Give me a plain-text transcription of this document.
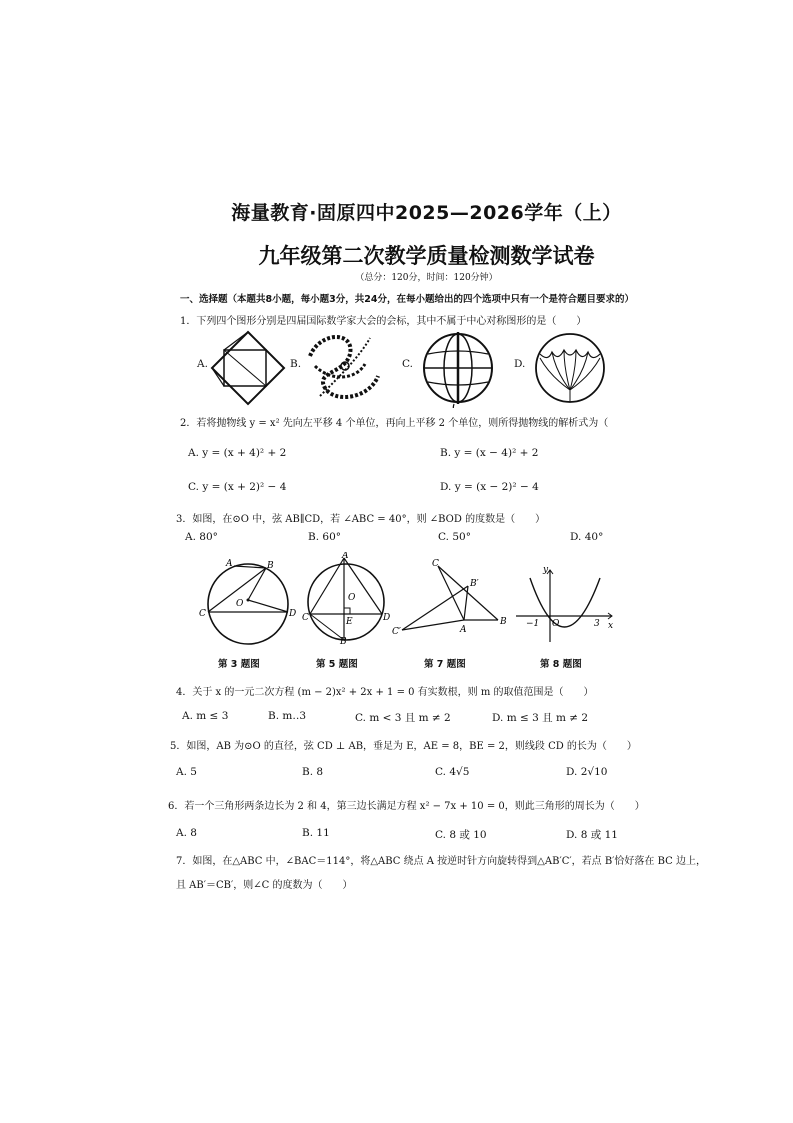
海量教育·固原四中2025—2026学年（上）
九年级第二次教学质量检测数学试卷
（总分：120分，时间：120分钟）
一、选择题（本题共8小题，每小题3分，共24分，在每小题给出的四个选项中只有一个是符合题目要求的）
1．下列四个图形分别是四届国际数学家大会的会标，其中不属于中心对称图形的是（　　）
A.	B.	C.	D.
2．若将抛物线 y = x² 先向左平移 4 个单位，再向上平移 2 个单位，则所得抛物线的解析式为（
A. y = (x + 4)² + 2	B. y = (x − 4)² + 2
C. y = (x + 2)² − 4	D. y = (x − 2)² − 4
3．如图，在⊙O 中，弦 AB∥CD，若 ∠ABC = 40°，则 ∠BOD 的度数是（　　）
A. 80°	B. 60°	C. 50°	D. 40°
A	B
C
O
D
第 3 题图
A
O
C	E	D
B
第 5 题图
C
B′
C′	A
B
第 7 题图
y
−1 O	3 x
第 8 题图
4．关于 x 的一元二次方程 (m − 2)x² + 2x + 1 = 0 有实数根，则 m 的取值范围是（　　）
A. m ≤ 3	B. m‥3	C. m < 3 且 m ≠ 2	D. m ≤ 3 且 m ≠ 2
5．如图，AB 为⊙O 的直径，弦 CD ⊥ AB，垂足为 E，AE = 8，BE = 2，则线段 CD 的长为（　　）
A. 5	B. 8	C. 4√5	D. 2√10
6．若一个三角形两条边长为 2 和 4，第三边长满足方程 x² − 7x + 10 = 0，则此三角形的周长为（　　）
A. 8	B. 11	C. 8 或 10	D. 8 或 11
7．如图，在△ABC 中，∠BAC＝114°，将△ABC 绕点 A 按逆时针方向旋转得到△AB′C′，若点 B′恰好落在 BC 边上，
且 AB′＝CB′，则∠C 的度数为（　　）
